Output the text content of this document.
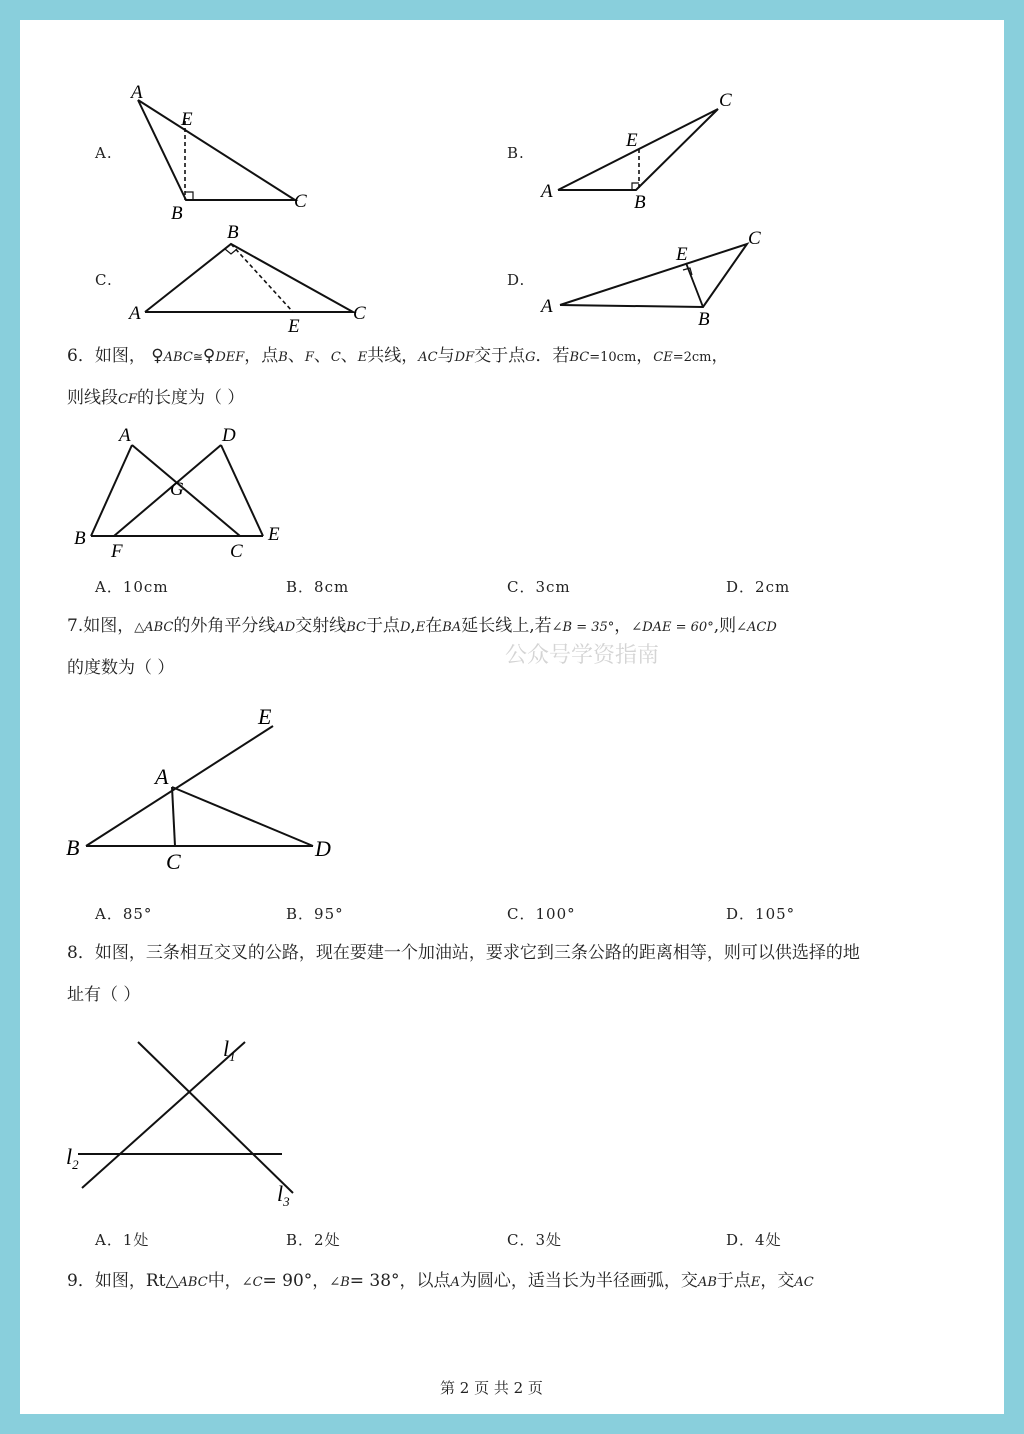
A.	B.
C.	D.
A
E
B
C
C
E
A
B
B
A
E
C
C
E
A
B
6．如图， ♀ABC≅♀DEF，点B、F、C、E共线，AC与DF交于点G．若BC=10cm，CE=2cm，
则线段CF的长度为（ ）
A	D
G
B
F	C
E
A．10cm	B．8cm	C．3cm	D．2cm
7.如图，△ABC的外角平分线AD交射线BC于点D,E在BA延长线上,若∠B = 35°，∠DAE = 60°,则∠ACD
的度数为（ ）	公众号学资指南
E
A
B
C
D
A．85°	B．95°	C．100°	D．105°
8．如图，三条相互交叉的公路，现在要建一个加油站，要求它到三条公路的距离相等，则可以供选择的地
址有（ ）
$l_1$
$l_2$
$l_3$
A．1处	B．2处	C．3处	D．4处
9．如图，Rt△ABC中，∠C= 90°，∠B= 38°，以点A为圆心，适当长为半径画弧，交AB于点E，交AC
第 2 页 共 2 页
